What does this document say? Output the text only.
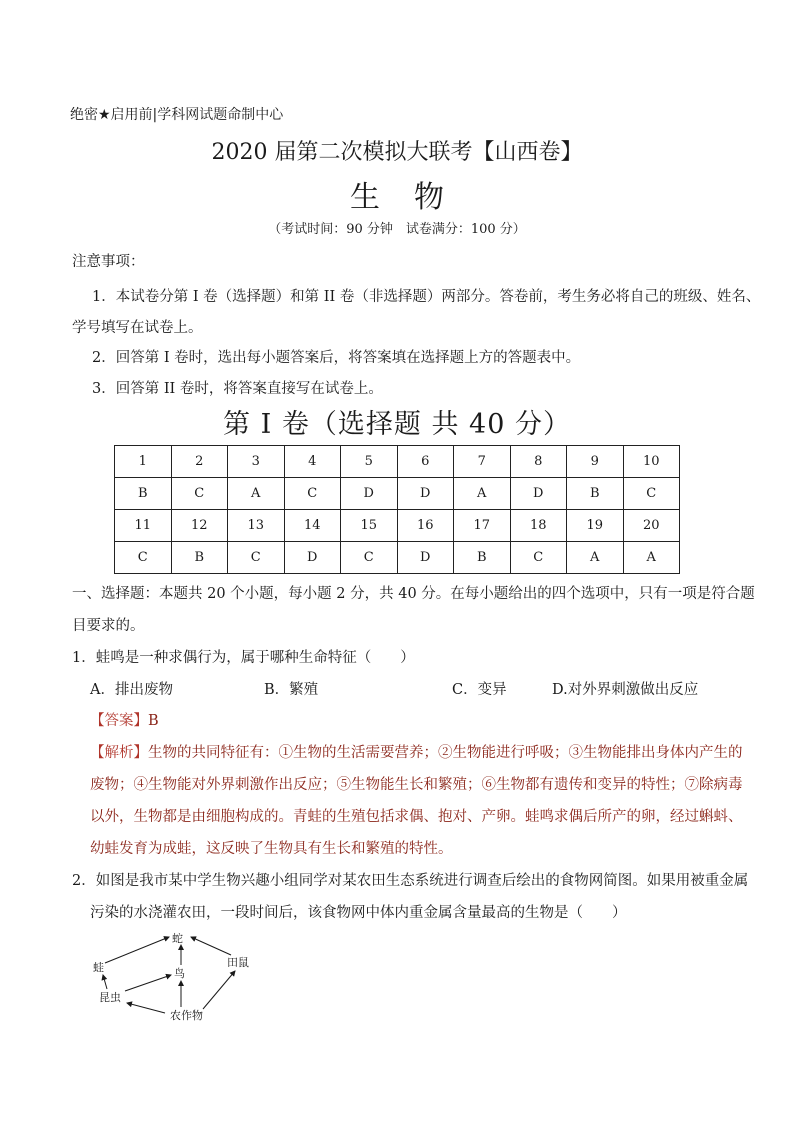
绝密★启用前|学科网试题命制中心
2020 届第二次模拟大联考【山西卷】
生物
（考试时间：90 分钟　试卷满分：100 分）
注意事项：
1．本试卷分第 I 卷（选择题）和第 II 卷（非选择题）两部分。答卷前，考生务必将自己的班级、姓名、
学号填写在试卷上。
2．回答第 I 卷时，选出每小题答案后，将答案填在选择题上方的答题表中。
3．回答第 II 卷时，将答案直接写在试卷上。
第 I 卷（选择题 共 40 分）
1	2	3	4	5	6	7	8	9	10
B	C	A	C	D	D	A	D	B	C
11	12	13	14	15	16	17	18	19	20
C	B	C	D	C	D	B	C	A	A
一、选择题：本题共 20 个小题，每小题 2 分，共 40 分。在每小题给出的四个选项中，只有一项是符合题
目要求的。
1．蛙鸣是一种求偶行为，属于哪种生命特征（　　）
A．排出废物	B．繁殖	C．变异	D.对外界刺激做出反应
【答案】B
【解析】生物的共同特征有：①生物的生活需要营养；②生物能进行呼吸；③生物能排出身体内产生的
废物；④生物能对外界刺激作出反应；⑤生物能生长和繁殖；⑥生物都有遗传和变异的特性；⑦除病毒
以外，生物都是由细胞构成的。青蛙的生殖包括求偶、抱对、产卵。蛙鸣求偶后所产的卵，经过蝌蚪、
幼蛙发育为成蛙，这反映了生物具有生长和繁殖的特性。
2．如图是我市某中学生物兴趣小组同学对某农田生态系统进行调查后绘出的食物网简图。如果用被重金属
污染的水浇灌农田，一段时间后，该食物网中体内重金属含量最高的生物是（　　）
蛇
蛙	鸟
田鼠
昆虫
农作物
